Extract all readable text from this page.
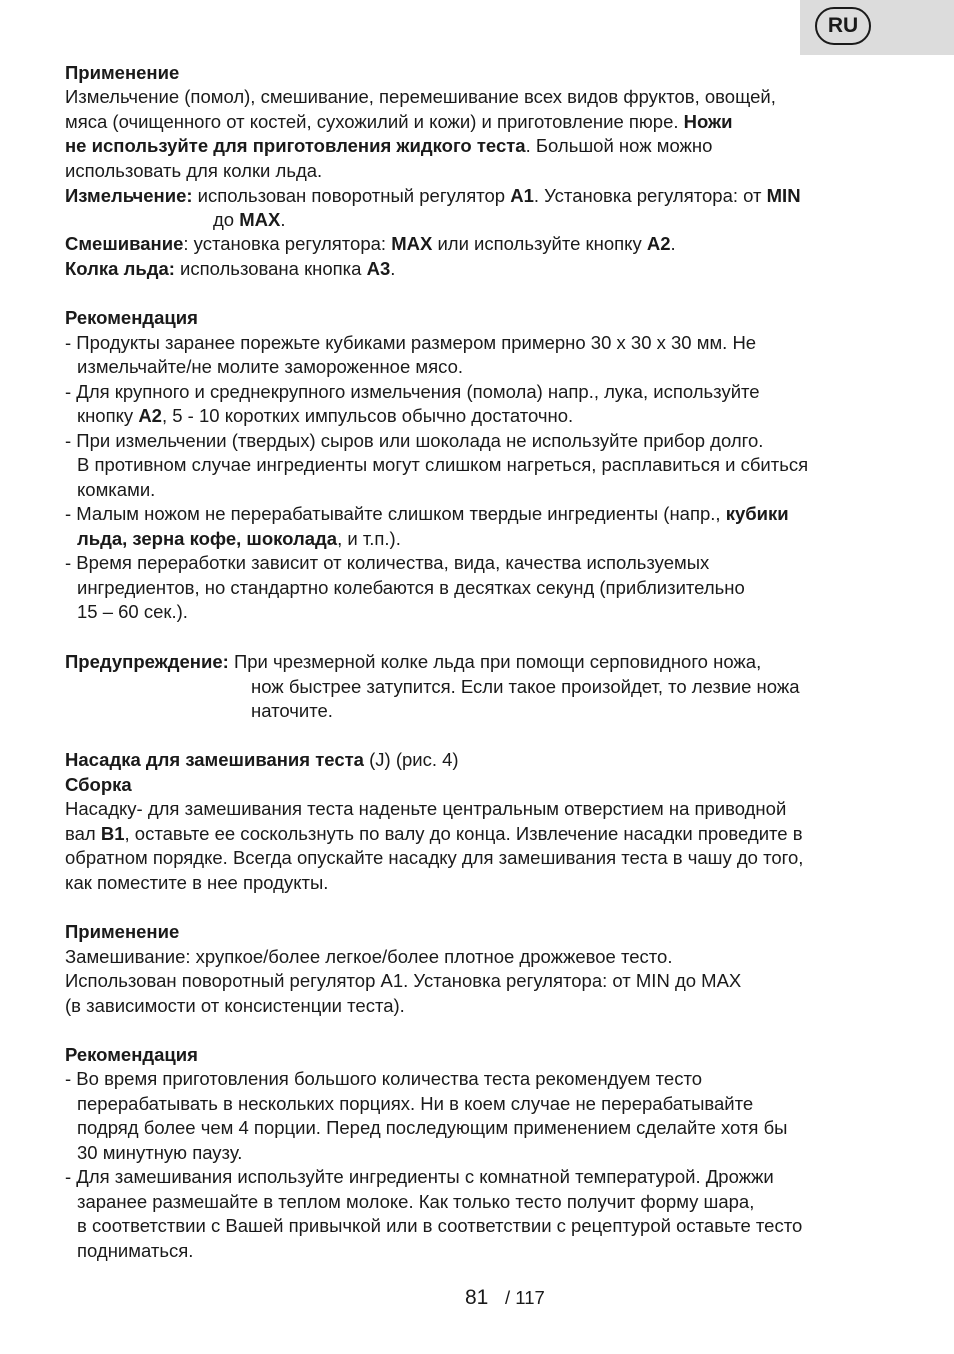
RU
Применение
Измельчение (помол), смешивание, перемешивание всех видов фруктов, овощей,
мяса (очищенного от костей, сухожилий и кожи) и приготовление пюре. Ножи
не используйте для приготовления жидкого теста. Большой нож можно
использовать для колки льда.
Измельчение: использован поворотный регулятор A1. Установка регулятора: от MIN
до MAX.
Смешивание: установка регулятора: MAX или используйте кнопку A2.
Колка льда: использована кнопка A3.
Рекомендация
- Продукты заранее порежьте кубиками размером примерно 30 x 30 x 30 мм. Не
измельчайте/не молите замороженное мясо.
- Для крупного и среднекрупного измельчения (помола) напр., лука, используйте
кнопку A2, 5 - 10 коротких импульсов обычно достаточно.
- При измельчении (твердых) сыров или шоколада не используйте прибор долго.
В противном случае ингредиенты могут слишком нагреться, расплавиться и сбиться
комками.
- Малым ножом не перерабатывайте слишком твердые ингредиенты (напр., кубики
льда, зерна кофе, шоколада, и т.п.).
- Время переработки зависит от количества, вида, качества используемых
ингредиентов, но стандартно колебаются в десятках секунд (приблизительно
15 – 60 сек.).
Предупреждение: При чрезмерной колке льда при помощи серповидного ножа,
нож быстрее затупится. Если такое произойдет, то лезвие ножа
наточите.
Насадка для замешивания теста (J) (рис. 4)
Сборка
Насадку- для замешивания теста наденьте центральным отверстием на приводной
вал B1, оставьте ее соскользнуть по валу до конца. Извлечение насадки проведите в
обратном порядке. Всегда опускайте насадку для замешивания теста в чашу до того,
как поместите в нее продукты.
Применение
Замешивание: хрупкое/более легкое/более плотное дрожжевое тесто.
Использован поворотный регулятор A1. Установка регулятора: от MIN до MAX
(в зависимости от консистенции теста).
Рекомендация
- Во время приготовления большого количества теста рекомендуем тесто
перерабатывать в нескольких порциях. Ни в коем случае не перерабатывайте
подряд более чем 4 порции. Перед последующим применением сделайте хотя бы
30 минутную паузу.
- Для замешивания используйте ингредиенты с комнатной температурой. Дрожжи
заранее размешайте в теплом молоке. Как только тесто получит форму шара,
в соответствии с Вашей привычкой или в соответствии с рецептурой оставьте тесто
подниматься.
81 / 117
